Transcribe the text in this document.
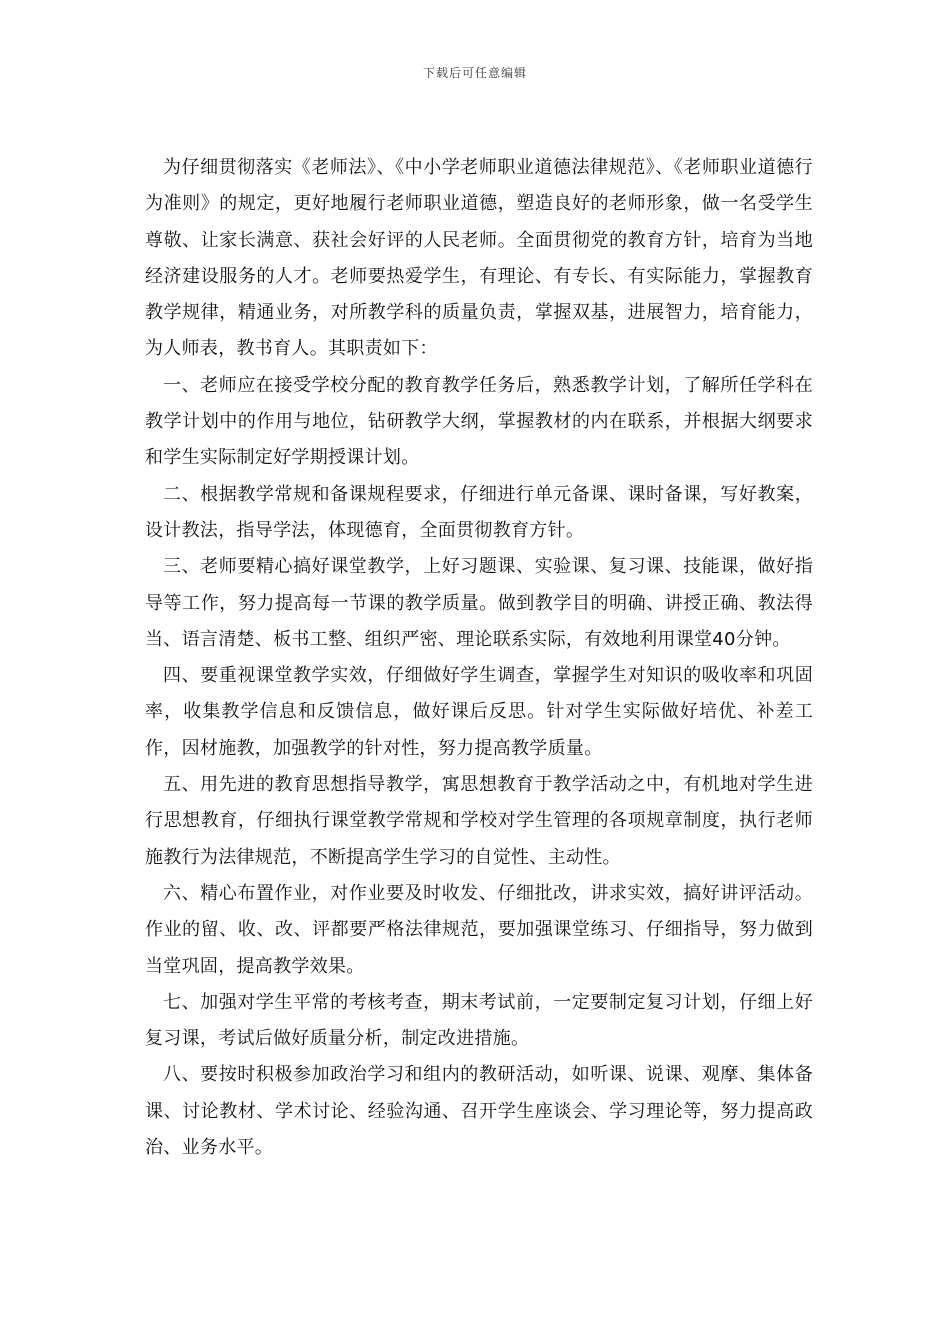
下载后可任意编辑

为仔细贯彻落实《老师法》、《中小学老师职业道德法律规范》、《老师职业道德行为准则》的规定，更好地履行老师职业道德，塑造良好的老师形象，做一名受学生尊敬、让家长满意、获社会好评的人民老师。全面贯彻党的教育方针，培育为当地经济建设服务的人才。老师要热爱学生，有理论、有专长、有实际能力，掌握教育教学规律，精通业务，对所教学科的质量负责，掌握双基，进展智力，培育能力，为人师表，教书育人。其职责如下：

一、老师应在接受学校分配的教育教学任务后，熟悉教学计划，了解所任学科在教学计划中的作用与地位，钻研教学大纲，掌握教材的内在联系，并根据大纲要求和学生实际制定好学期授课计划。

二、根据教学常规和备课规程要求，仔细进行单元备课、课时备课，写好教案，设计教法，指导学法，体现德育，全面贯彻教育方针。

三、老师要精心搞好课堂教学，上好习题课、实验课、复习课、技能课，做好指导等工作，努力提高每一节课的教学质量。做到教学目的明确、讲授正确、教法得当、语言清楚、板书工整、组织严密、理论联系实际，有效地利用课堂40分钟。

四、要重视课堂教学实效，仔细做好学生调查，掌握学生对知识的吸收率和巩固率，收集教学信息和反馈信息，做好课后反思。针对学生实际做好培优、补差工作，因材施教，加强教学的针对性，努力提高教学质量。

五、用先进的教育思想指导教学，寓思想教育于教学活动之中，有机地对学生进行思想教育，仔细执行课堂教学常规和学校对学生管理的各项规章制度，执行老师施教行为法律规范，不断提高学生学习的自觉性、主动性。

六、精心布置作业，对作业要及时收发、仔细批改，讲求实效，搞好讲评活动。作业的留、收、改、评都要严格法律规范，要加强课堂练习、仔细指导，努力做到当堂巩固，提高教学效果。

七、加强对学生平常的考核考查，期末考试前，一定要制定复习计划，仔细上好复习课，考试后做好质量分析，制定改进措施。

八、要按时积极参加政治学习和组内的教研活动，如听课、说课、观摩、集体备课、讨论教材、学术讨论、经验沟通、召开学生座谈会、学习理论等，努力提高政治、业务水平。
